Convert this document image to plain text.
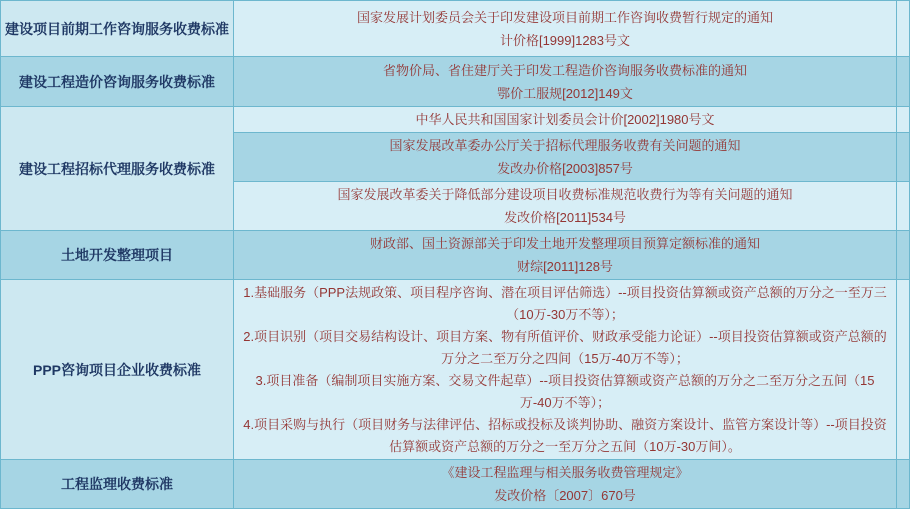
建设项目前期工作咨询服务收费标准	国家发展计划委员会关于印发建设项目前期工作咨询收费暂行规定的通知
计价格[1999]1283号文	

建设工程造价咨询服务收费标准	省物价局、省住建厅关于印发工程造价咨询服务收费标准的通知
鄂价工服规[2012]149文	

建设工程招标代理服务收费标准	中华人民共和国国家计划委员会计价[2002]1980号文	

	国家发展改革委办公厅关于招标代理服务收费有关问题的通知
发改办价格[2003]857号	

	国家发展改革委关于降低部分建设项目收费标准规范收费行为等有关问题的通知
发改价格[2011]534号	

土地开发整理项目	财政部、国土资源部关于印发土地开发整理项目预算定额标准的通知
财综[2011]128号	

PPP咨询项目企业收费标准	1.基础服务（PPP法规政策、项目程序咨询、潜在项目评估筛选）--项目投资估算额或资产总额的万分之一至万三（10万-30万不等）；
2.项目识别（项目交易结构设计、项目方案、物有所值评价、财政承受能力论证）--项目投资估算额或资产总额的万分之二至万分之四间（15万-40万不等）；
3.项目准备（编制项目实施方案、交易文件起草）--项目投资估算额或资产总额的万分之二至万分之五间（15万-40万不等）；
4.项目采购与执行（项目财务与法律评估、招标或投标及谈判协助、融资方案设计、监管方案设计等）--项目投资估算额或资产总额的万分之一至万分之五间（10万-30万间）。	

工程监理收费标准	《建设工程监理与相关服务收费管理规定》
发改价格〔2007〕670号	
